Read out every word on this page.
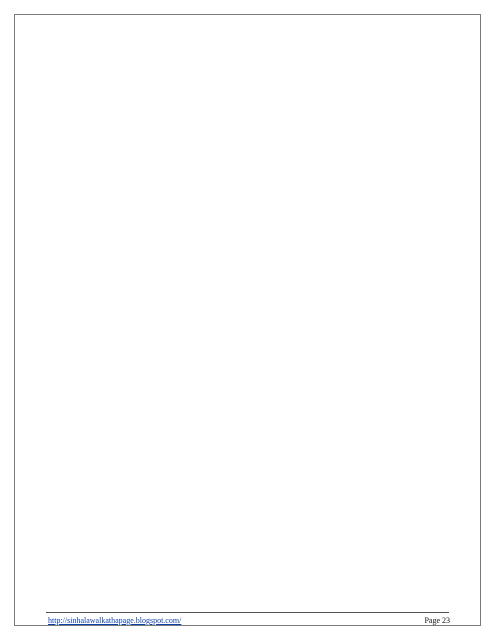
http://sinhalawalkathapage.blogspot.com/	Page 23
